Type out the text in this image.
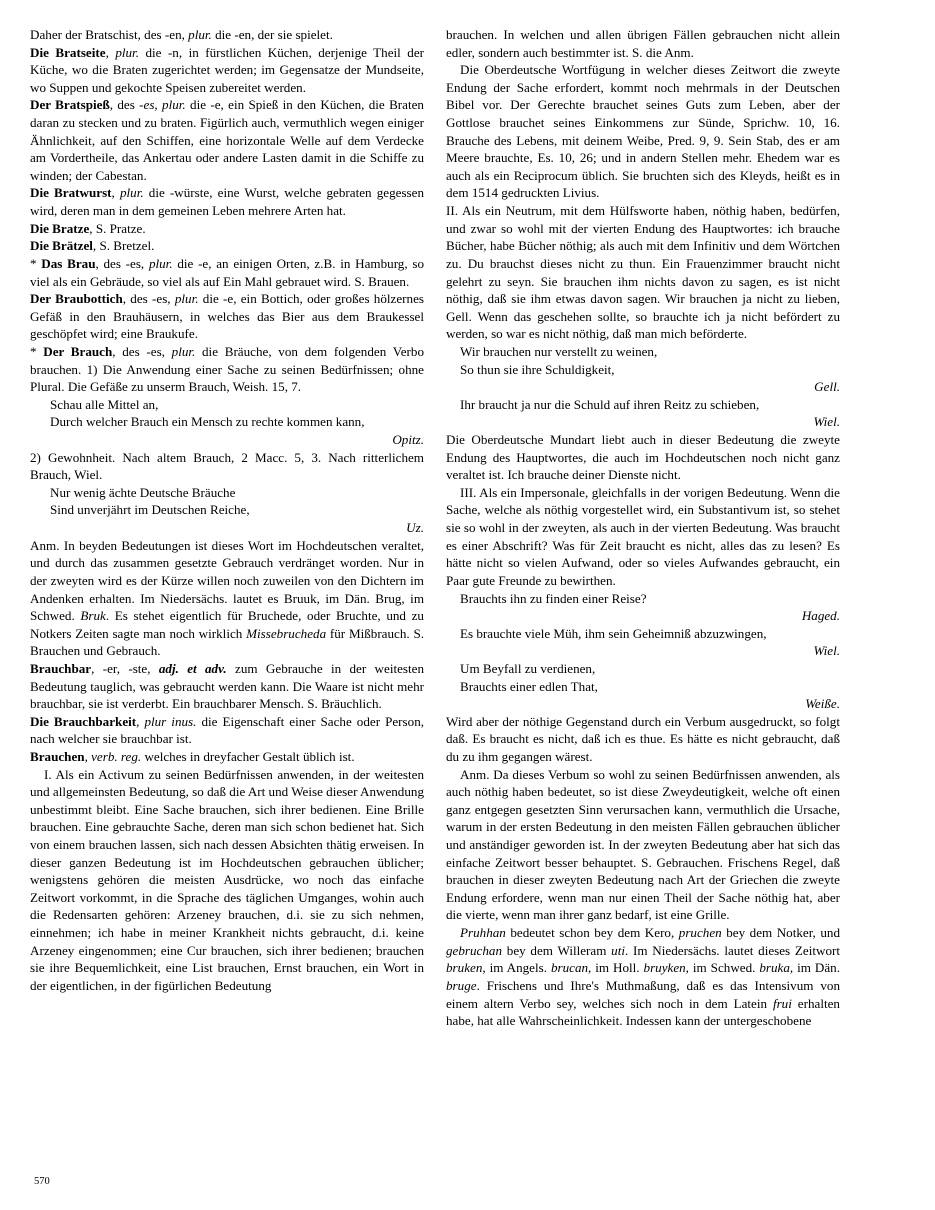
Daher der Bratschist, des -en, plur. die -en, der sie spielet.

Die Bratseite, plur. die -n, in fürstlichen Küchen, derjenige Theil der Küche, wo die Braten zugerichtet werden; im Gegensatze der Mundseite, wo Suppen und gekochte Speisen zubereitet werden.

Der Bratspieß, des -es, plur. die -e, ein Spieß in den Küchen, die Braten daran zu stecken und zu braten. Figürlich auch, vermuthlich wegen einiger Ähnlichkeit, auf den Schiffen, eine horizontale Welle auf dem Verdecke am Vordertheile, das Ankertau oder andere Lasten damit in die Schiffe zu winden; der Cabestan.

Die Bratwurst, plur. die -würste, eine Wurst, welche gebraten gegessen wird, deren man in dem gemeinen Leben mehrere Arten hat.

Die Bratze, S. Pratze.

Die Brätzel, S. Bretzel.

* Das Brau, des -es, plur. die -e, an einigen Orten, z.B. in Hamburg, so viel als ein Gebräude, so viel als auf Ein Mahl gebrauet wird. S. Brauen.

Der Braubottich, des -es, plur. die -e, ein Bottich, oder großes hölzernes Gefäß in den Brauhäusern, in welches das Bier aus dem Braukessel geschöpfet wird; eine Braukufe.

* Der Brauch, des -es, plur. die Bräuche, von dem folgenden Verbo brauchen. 1) Die Anwendung einer Sache zu seinen Bedürfnissen; ohne Plural. Die Gefäße zu unserm Brauch, Weish. 15, 7.

Schau alle Mittel an,

Durch welcher Brauch ein Mensch zu rechte kommen kann,

Opitz.

2) Gewohnheit. Nach altem Brauch, 2 Macc. 5, 3. Nach ritterlichem Brauch, Wiel.

Nur wenig ächte Deutsche Bräuche

Sind unverjährt im Deutschen Reiche,

Uz.

Anm. In beyden Bedeutungen ist dieses Wort im Hochdeutschen veraltet, und durch das zusammen gesetzte Gebrauch verdränget worden. Nur in der zweyten wird es der Kürze willen noch zuweilen von den Dichtern im Andenken erhalten. Im Niedersächs. lautet es Bruuk, im Dän. Brug, im Schwed. Bruk. Es stehet eigentlich für Bruchede, oder Bruchte, und zu Notkers Zeiten sagte man noch wirklich Missebrucheda für Mißbrauch. S. Brauchen und Gebrauch.

Brauchbar, -er, -ste, adj. et adv. zum Gebrauche in der weitesten Bedeutung tauglich, was gebraucht werden kann. Die Waare ist nicht mehr brauchbar, sie ist verderbt. Ein brauchbarer Mensch. S. Bräuchlich.

Die Brauchbarkeit, plur inus. die Eigenschaft einer Sache oder Person, nach welcher sie brauchbar ist.

Brauchen, verb. reg. welches in dreyfacher Gestalt üblich ist.

I. Als ein Activum zu seinen Bedürfnissen anwenden, in der weitesten und allgemeinsten Bedeutung, so daß die Art und Weise dieser Anwendung unbestimmt bleibt. Eine Sache brauchen, sich ihrer bedienen. Eine Brille brauchen. Eine gebrauchte Sache, deren man sich schon bedienet hat. Sich von einem brauchen lassen, sich nach dessen Absichten thätig erweisen. In dieser ganzen Bedeutung ist im Hochdeutschen gebrauchen üblicher; wenigstens gehören die meisten Ausdrücke, wo noch das einfache Zeitwort vorkommt, in die Sprache des täglichen Umganges, wohin auch die Redensarten gehören: Arzeney brauchen, d.i. sie zu sich nehmen, einnehmen; ich habe in meiner Krankheit nichts gebraucht, d.i. keine Arzeney eingenommen; eine Cur brauchen, sich ihrer bedienen; brauchen sie ihre Bequemlichkeit, eine List brauchen, Ernst brauchen, ein Wort in der eigentlichen, in der figürlichen Bedeutung

brauchen. In welchen und allen übrigen Fällen gebrauchen nicht allein edler, sondern auch bestimmter ist. S. die Anm.

Die Oberdeutsche Wortfügung in welcher dieses Zeitwort die zweyte Endung der Sache erfordert, kommt noch mehrmals in der Deutschen Bibel vor. Der Gerechte brauchet seines Guts zum Leben, aber der Gottlose brauchet seines Einkommens zur Sünde, Sprichw. 10, 16. Brauche des Lebens, mit deinem Weibe, Pred. 9, 9. Sein Stab, des er am Meere brauchte, Es. 10, 26; und in andern Stellen mehr. Ehedem war es auch als ein Reciprocum üblich. Sie bruchten sich des Kleyds, heißt es in dem 1514 gedruckten Livius.

II. Als ein Neutrum, mit dem Hülfsworte haben, nöthig haben, bedürfen, und zwar so wohl mit der vierten Endung des Hauptwortes: ich brauche Bücher, habe Bücher nöthig; als auch mit dem Infinitiv und dem Wörtchen zu. Du brauchst dieses nicht zu thun. Ein Frauenzimmer braucht nicht gelehrt zu seyn. Sie brauchen ihm nichts davon zu sagen, es ist nicht nöthig, daß sie ihm etwas davon sagen. Wir brauchen ja nicht zu lieben, Gell. Wenn das geschehen sollte, so brauchte ich ja nicht befördert zu werden, so war es nicht nöthig, daß man mich beförderte.

Wir brauchen nur verstellt zu weinen,

So thun sie ihre Schuldigkeit,

Gell.

Ihr braucht ja nur die Schuld auf ihren Reitz zu schieben,

Wiel.

Die Oberdeutsche Mundart liebt auch in dieser Bedeutung die zweyte Endung des Hauptwortes, die auch im Hochdeutschen noch nicht ganz veraltet ist. Ich brauche deiner Dienste nicht.

III. Als ein Impersonale, gleichfalls in der vorigen Bedeutung. Wenn die Sache, welche als nöthig vorgestellet wird, ein Substantivum ist, so stehet sie so wohl in der zweyten, als auch in der vierten Bedeutung. Was braucht es einer Abschrift? Was für Zeit braucht es nicht, alles das zu lesen? Es hätte nicht so vielen Aufwand, oder so vieles Aufwandes gebraucht, ein Paar gute Freunde zu bewirthen.

Brauchts ihn zu finden einer Reise?

Haged.

Es brauchte viele Müh, ihm sein Geheimniß abzuzwingen,

Wiel.

Um Beyfall zu verdienen,

Brauchts einer edlen That,

Weiße.

Wird aber der nöthige Gegenstand durch ein Verbum ausgedruckt, so folgt daß. Es braucht es nicht, daß ich es thue. Es hätte es nicht gebraucht, daß du zu ihm gegangen wärest.

Anm. Da dieses Verbum so wohl zu seinen Bedürfnissen anwenden, als auch nöthig haben bedeutet, so ist diese Zweydeutigkeit, welche oft einen ganz entgegen gesetzten Sinn verursachen kann, vermuthlich die Ursache, warum in der ersten Bedeutung in den meisten Fällen gebrauchen üblicher und anständiger geworden ist. In der zweyten Bedeutung aber hat sich das einfache Zeitwort besser behauptet. S. Gebrauchen. Frischens Regel, daß brauchen in dieser zweyten Bedeutung nach Art der Griechen die zweyte Endung erfordere, wenn man nur einen Theil der Sache nöthig hat, aber die vierte, wenn man ihrer ganz bedarf, ist eine Grille.

Pruhhan bedeutet schon bey dem Kero, pruchen bey dem Notker, und gebruchan bey dem Willeram uti. Im Niedersächs. lautet dieses Zeitwort bruken, im Angels. brucan, im Holl. bruyken, im Schwed. bruka, im Dän. bruge. Frischens und Ihre's Muthmaßung, daß es das Intensivum von einem altern Verbo sey, welches sich noch in dem Latein frui erhalten habe, hat alle Wahrscheinlichkeit. Indessen kann der untergeschobene

570
